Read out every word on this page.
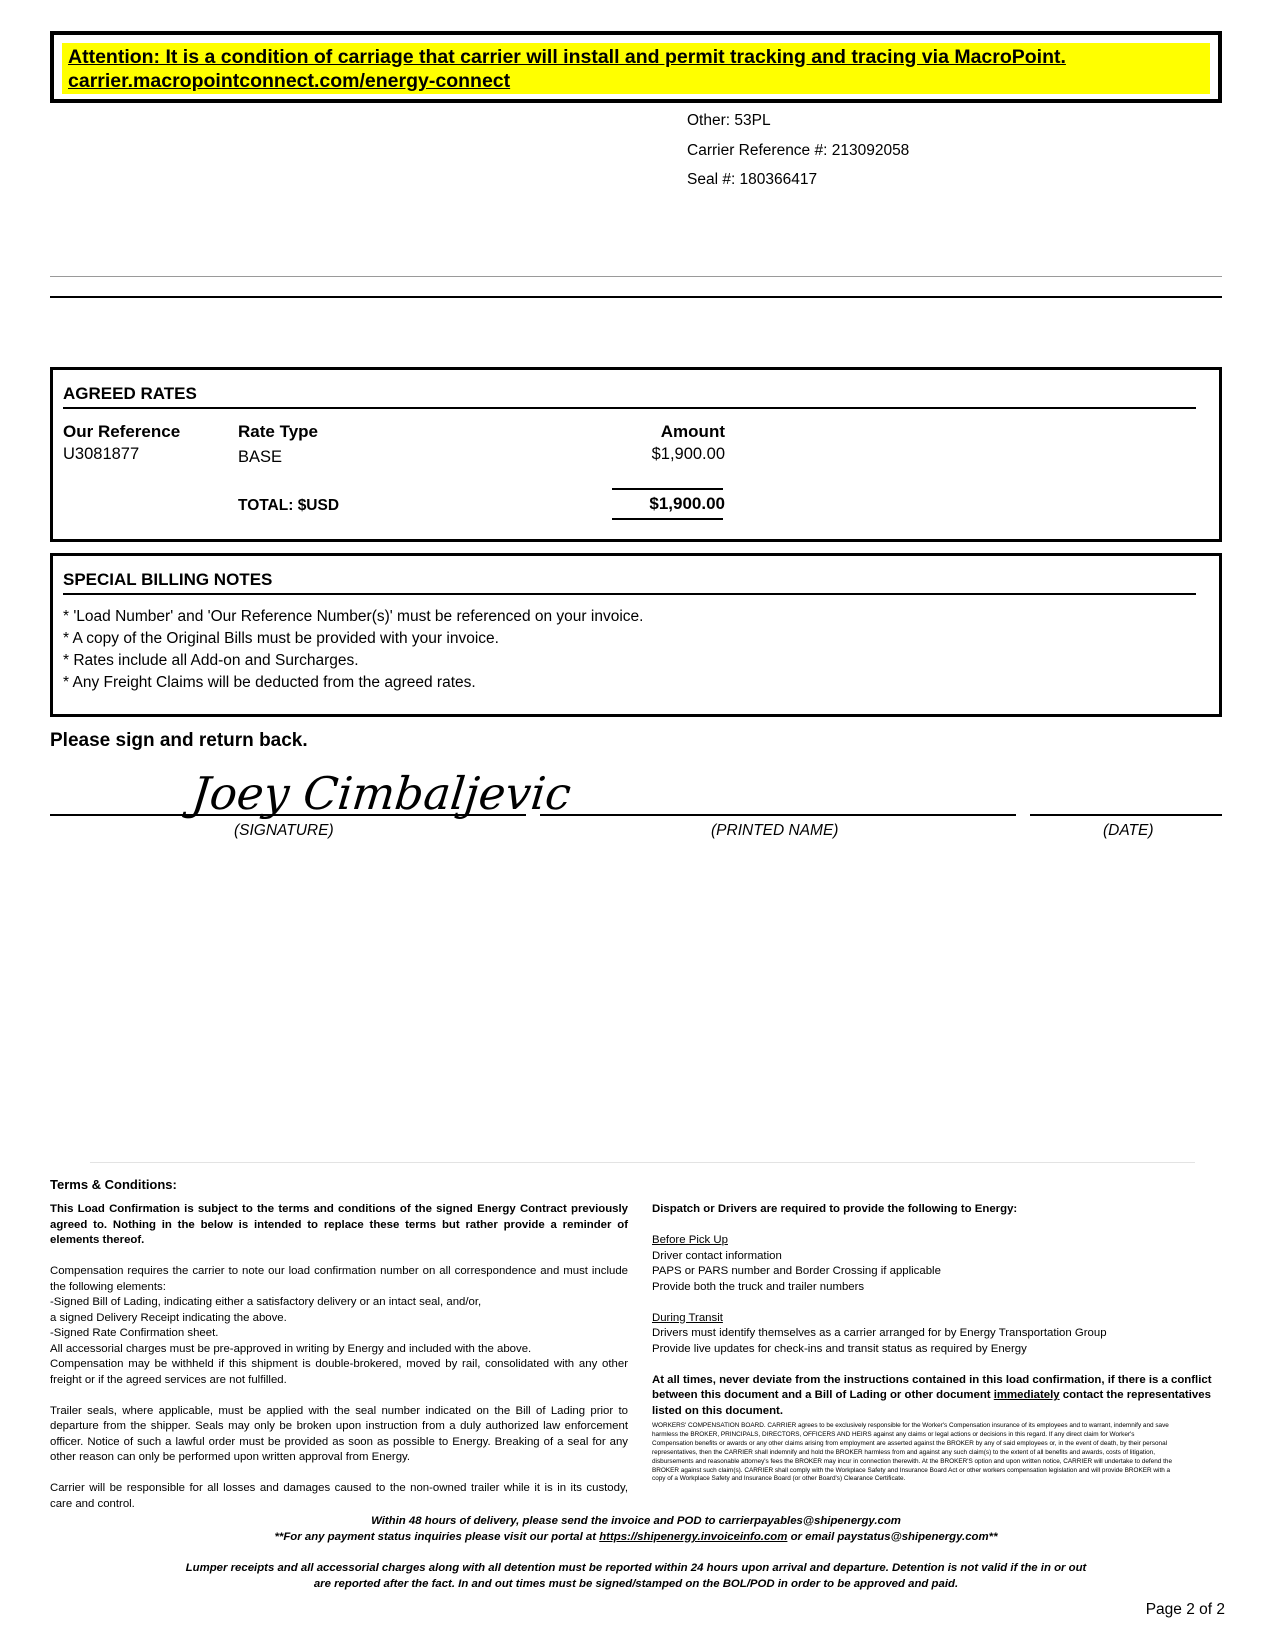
Attention: It is a condition of carriage that carrier will install and permit tracking and tracing via MacroPoint.
carrier.macropointconnect.com/energy-connect
Other: 53PL
Carrier Reference #: 213092058
Seal #: 180366417
AGREED RATES
Our Reference	Rate Type	Amount
U3081877	BASE	$1,900.00
TOTAL: $USD	$1,900.00
SPECIAL BILLING NOTES
* 'Load Number' and 'Our Reference Number(s)' must be referenced on your invoice.
* A copy of the Original Bills must be provided with your invoice.
* Rates include all Add-on and Surcharges.
* Any Freight Claims will be deducted from the agreed rates.
Please sign and return back.
Joey Cimbaljevic
(SIGNATURE)	(PRINTED NAME)	(DATE)
Terms & Conditions:

This Load Confirmation is subject to the terms and conditions of the signed Energy Contract previously agreed to. Nothing in the below is intended to replace these terms but rather provide a reminder of elements thereof.

Compensation requires the carrier to note our load confirmation number on all correspondence and must include the following elements:

-Signed Bill of Lading, indicating either a satisfactory delivery or an intact seal, and/or,

a signed Delivery Receipt indicating the above.

-Signed Rate Confirmation sheet.

All accessorial charges must be pre-approved in writing by Energy and included with the above.

Compensation may be withheld if this shipment is double-brokered, moved by rail, consolidated with any other freight or if the agreed services are not fulfilled.

Trailer seals, where applicable, must be applied with the seal number indicated on the Bill of Lading prior to departure from the shipper. Seals may only be broken upon instruction from a duly authorized law enforcement officer. Notice of such a lawful order must be provided as soon as possible to Energy. Breaking of a seal for any other reason can only be performed upon written approval from Energy.

Carrier will be responsible for all losses and damages caused to the non-owned trailer while it is in its custody, care and control.

Dispatch or Drivers are required to provide the following to Energy:

Before Pick Up

Driver contact information

PAPS or PARS number and Border Crossing if applicable

Provide both the truck and trailer numbers

During Transit

Drivers must identify themselves as a carrier arranged for by Energy Transportation Group

Provide live updates for check-ins and transit status as required by Energy

At all times, never deviate from the instructions contained in this load confirmation, if there is a conflict between this document and a Bill of Lading or other document immediately contact the representatives listed on this document.

WORKERS' COMPENSATION BOARD. CARRIER agrees to be exclusively responsible for the Worker's Compensation insurance of its employees and to warrant, indemnify and save harmless the BROKER, PRINCIPALS, DIRECTORS, OFFICERS AND HEIRS against any claims or legal actions or decisions in this regard. If any direct claim for Worker's Compensation benefits or awards or any other claims arising from employment are asserted against the BROKER by any of said employees or, in the event of death, by their personal representatives, then the CARRIER shall indemnify and hold the BROKER harmless from and against any such claim(s) to the extent of all benefits and awards, costs of litigation, disbursements and reasonable attorney's fees the BROKER may incur in connection therewith. At the BROKER'S option and upon written notice, CARRIER will undertake to defend the BROKER against such claim(s). CARRIER shall comply with the Workplace Safety and Insurance Board Act or other workers compensation legislation and will provide BROKER with a copy of a Workplace Safety and Insurance Board (or other Board's) Clearance Certificate.

Within 48 hours of delivery, please send the invoice and POD to carrierpayables@shipenergy.com
**For any payment status inquiries please visit our portal at https://shipenergy.invoiceinfo.com or email paystatus@shipenergy.com**
Lumper receipts and all accessorial charges along with all detention must be reported within 24 hours upon arrival and departure. Detention is not valid if the in or out
are reported after the fact. In and out times must be signed/stamped on the BOL/POD in order to be approved and paid.
Page 2 of 2
